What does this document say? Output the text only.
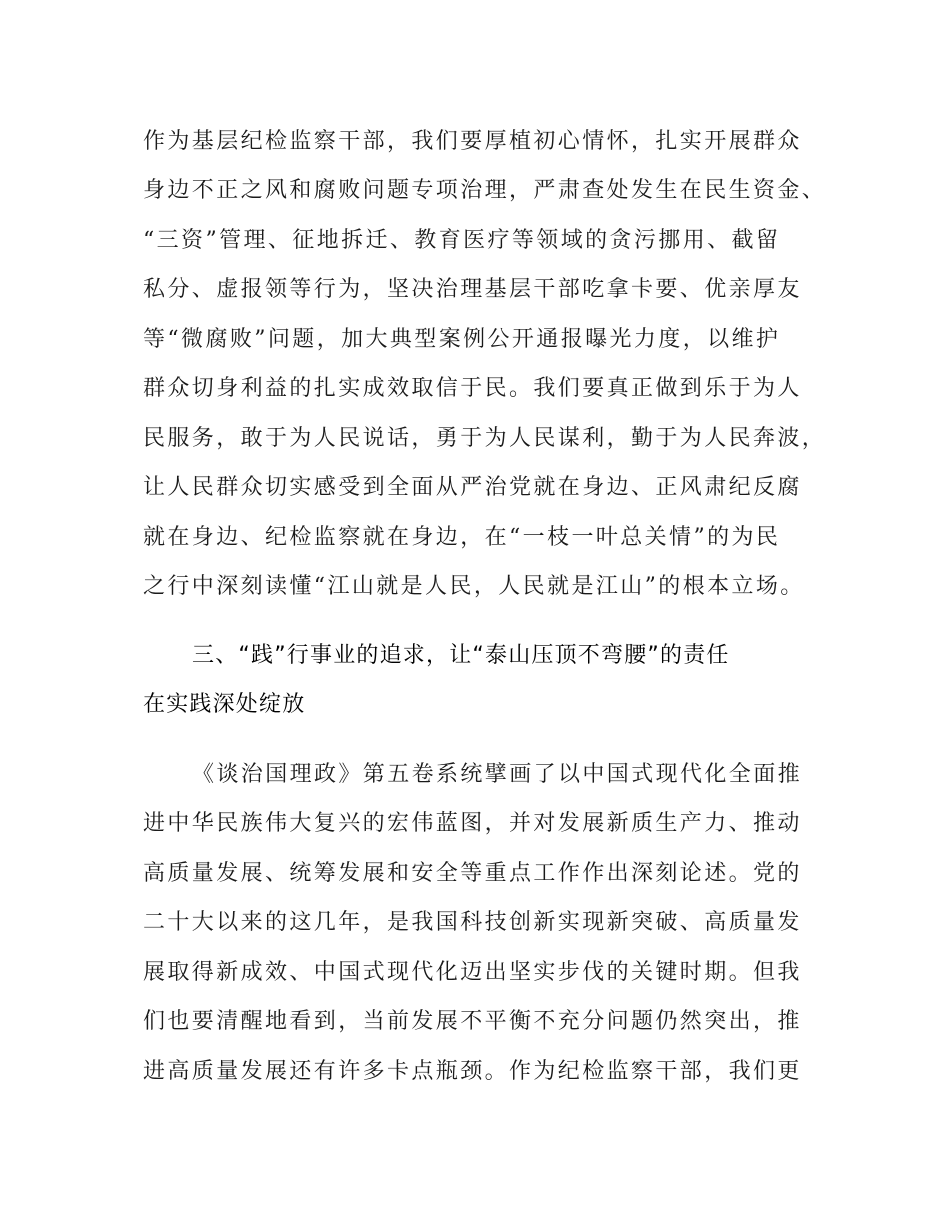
作为基层纪检监察干部，我们要厚植初心情怀，扎实开展群众
身边不正之风和腐败问题专项治理，严肃查处发生在民生资金、
“三资”管理、征地拆迁、教育医疗等领域的贪污挪用、截留
私分、虚报领等行为，坚决治理基层干部吃拿卡要、优亲厚友
等“微腐败”问题，加大典型案例公开通报曝光力度，以维护
群众切身利益的扎实成效取信于民。我们要真正做到乐于为人
民服务，敢于为人民说话，勇于为人民谋利，勤于为人民奔波，
让人民群众切实感受到全面从严治党就在身边、正风肃纪反腐
就在身边、纪检监察就在身边，在“一枝一叶总关情”的为民
之行中深刻读懂“江山就是人民，人民就是江山”的根本立场。
三、“践”行事业的追求，让“泰山压顶不弯腰”的责任
在实践深处绽放
《谈治国理政》第五卷系统擘画了以中国式现代化全面推
进中华民族伟大复兴的宏伟蓝图，并对发展新质生产力、推动
高质量发展、统筹发展和安全等重点工作作出深刻论述。党的
二十大以来的这几年，是我国科技创新实现新突破、高质量发
展取得新成效、中国式现代化迈出坚实步伐的关键时期。但我
们也要清醒地看到，当前发展不平衡不充分问题仍然突出，推
进高质量发展还有许多卡点瓶颈。作为纪检监察干部，我们更
